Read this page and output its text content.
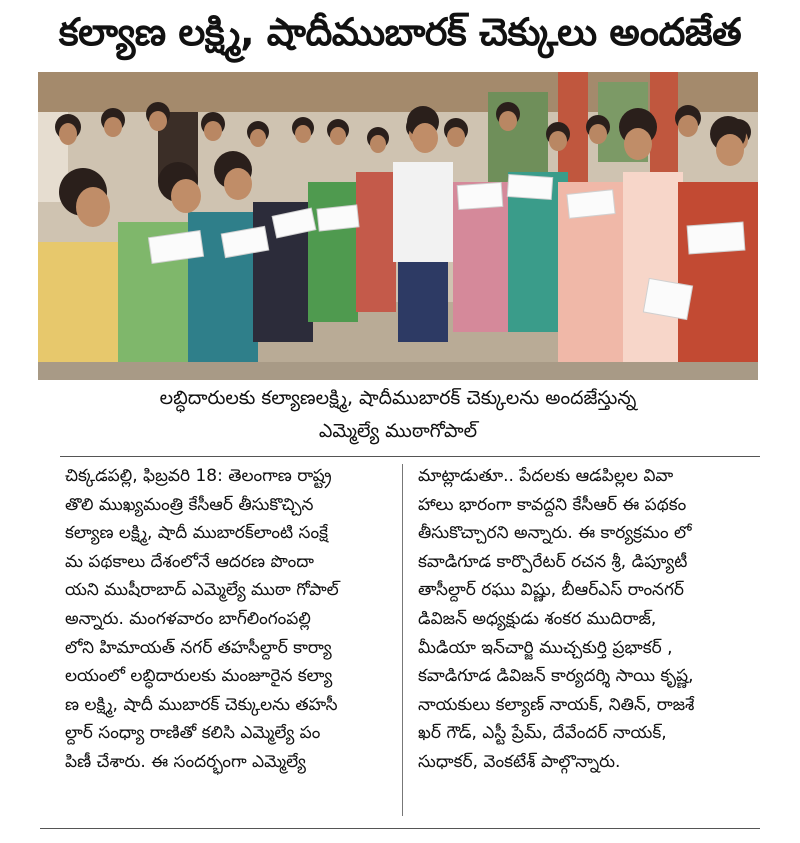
కల్యాణ లక్ష్మి, షాదీముబారక్ చెక్కులు అందజేత
లబ్ధిదారులకు కల్యాణలక్ష్మి, షాదీముబారక్ చెక్కులను అందజేస్తున్న
ఎమ్మెల్యే ముఠాగోపాల్
చిక్కడపల్లి, ఫిబ్రవరి 18: తెలంగాణ రాష్ట్ర
తొలి ముఖ్యమంత్రి కేసీఆర్ తీసుకొచ్చిన
కల్యాణ లక్ష్మి, షాదీ ముబారక్‌లాంటి సంక్షే
మ పథకాలు దేశంలోనే ఆదరణ పొందా
యని ముషీరాబాద్ ఎమ్మెల్యే ముఠా గోపాల్
అన్నారు. మంగళవారం బాగ్‌లింగంపల్లి
లోని హిమాయత్ నగర్ తహసీల్దార్ కార్యా
లయంలో లబ్ధిదారులకు మంజూరైన కల్యా
ణ లక్ష్మి, షాదీ ముబారక్ చెక్కులను తహసీ
ల్దార్ సంధ్యా రాణితో కలిసి ఎమ్మెల్యే పం
పిణీ చేశారు. ఈ సందర్భంగా ఎమ్మెల్యే
మాట్లాడుతూ.. పేదలకు ఆడపిల్లల వివా
హాలు భారంగా కావద్దని కేసీఆర్ ఈ పథకం
తీసుకొచ్చారని అన్నారు. ఈ కార్యక్రమం లో
కవాడిగూడ కార్పొరేటర్ రచన శ్రీ, డిప్యూటీ
తాసీల్దార్ రఘు విష్ణు, బీఆర్ఎస్ రాంనగర్
డివిజన్ అధ్యక్షుడు శంకర ముదిరాజ్,
మీడియా ఇన్‌చార్జి ముచ్చకుర్తి ప్రభాకర్ ,
కవాడిగూడ డివిజన్ కార్యదర్శి సాయి కృష్ణ,
నాయకులు కల్యాణ్ నాయక్, నితిన్, రాజశే
ఖర్ గౌడ్, ఎస్టీ ప్రేమ్, దేవేందర్ నాయక్,
సుధాకర్, వెంకటేశ్ పాల్గొన్నారు.
